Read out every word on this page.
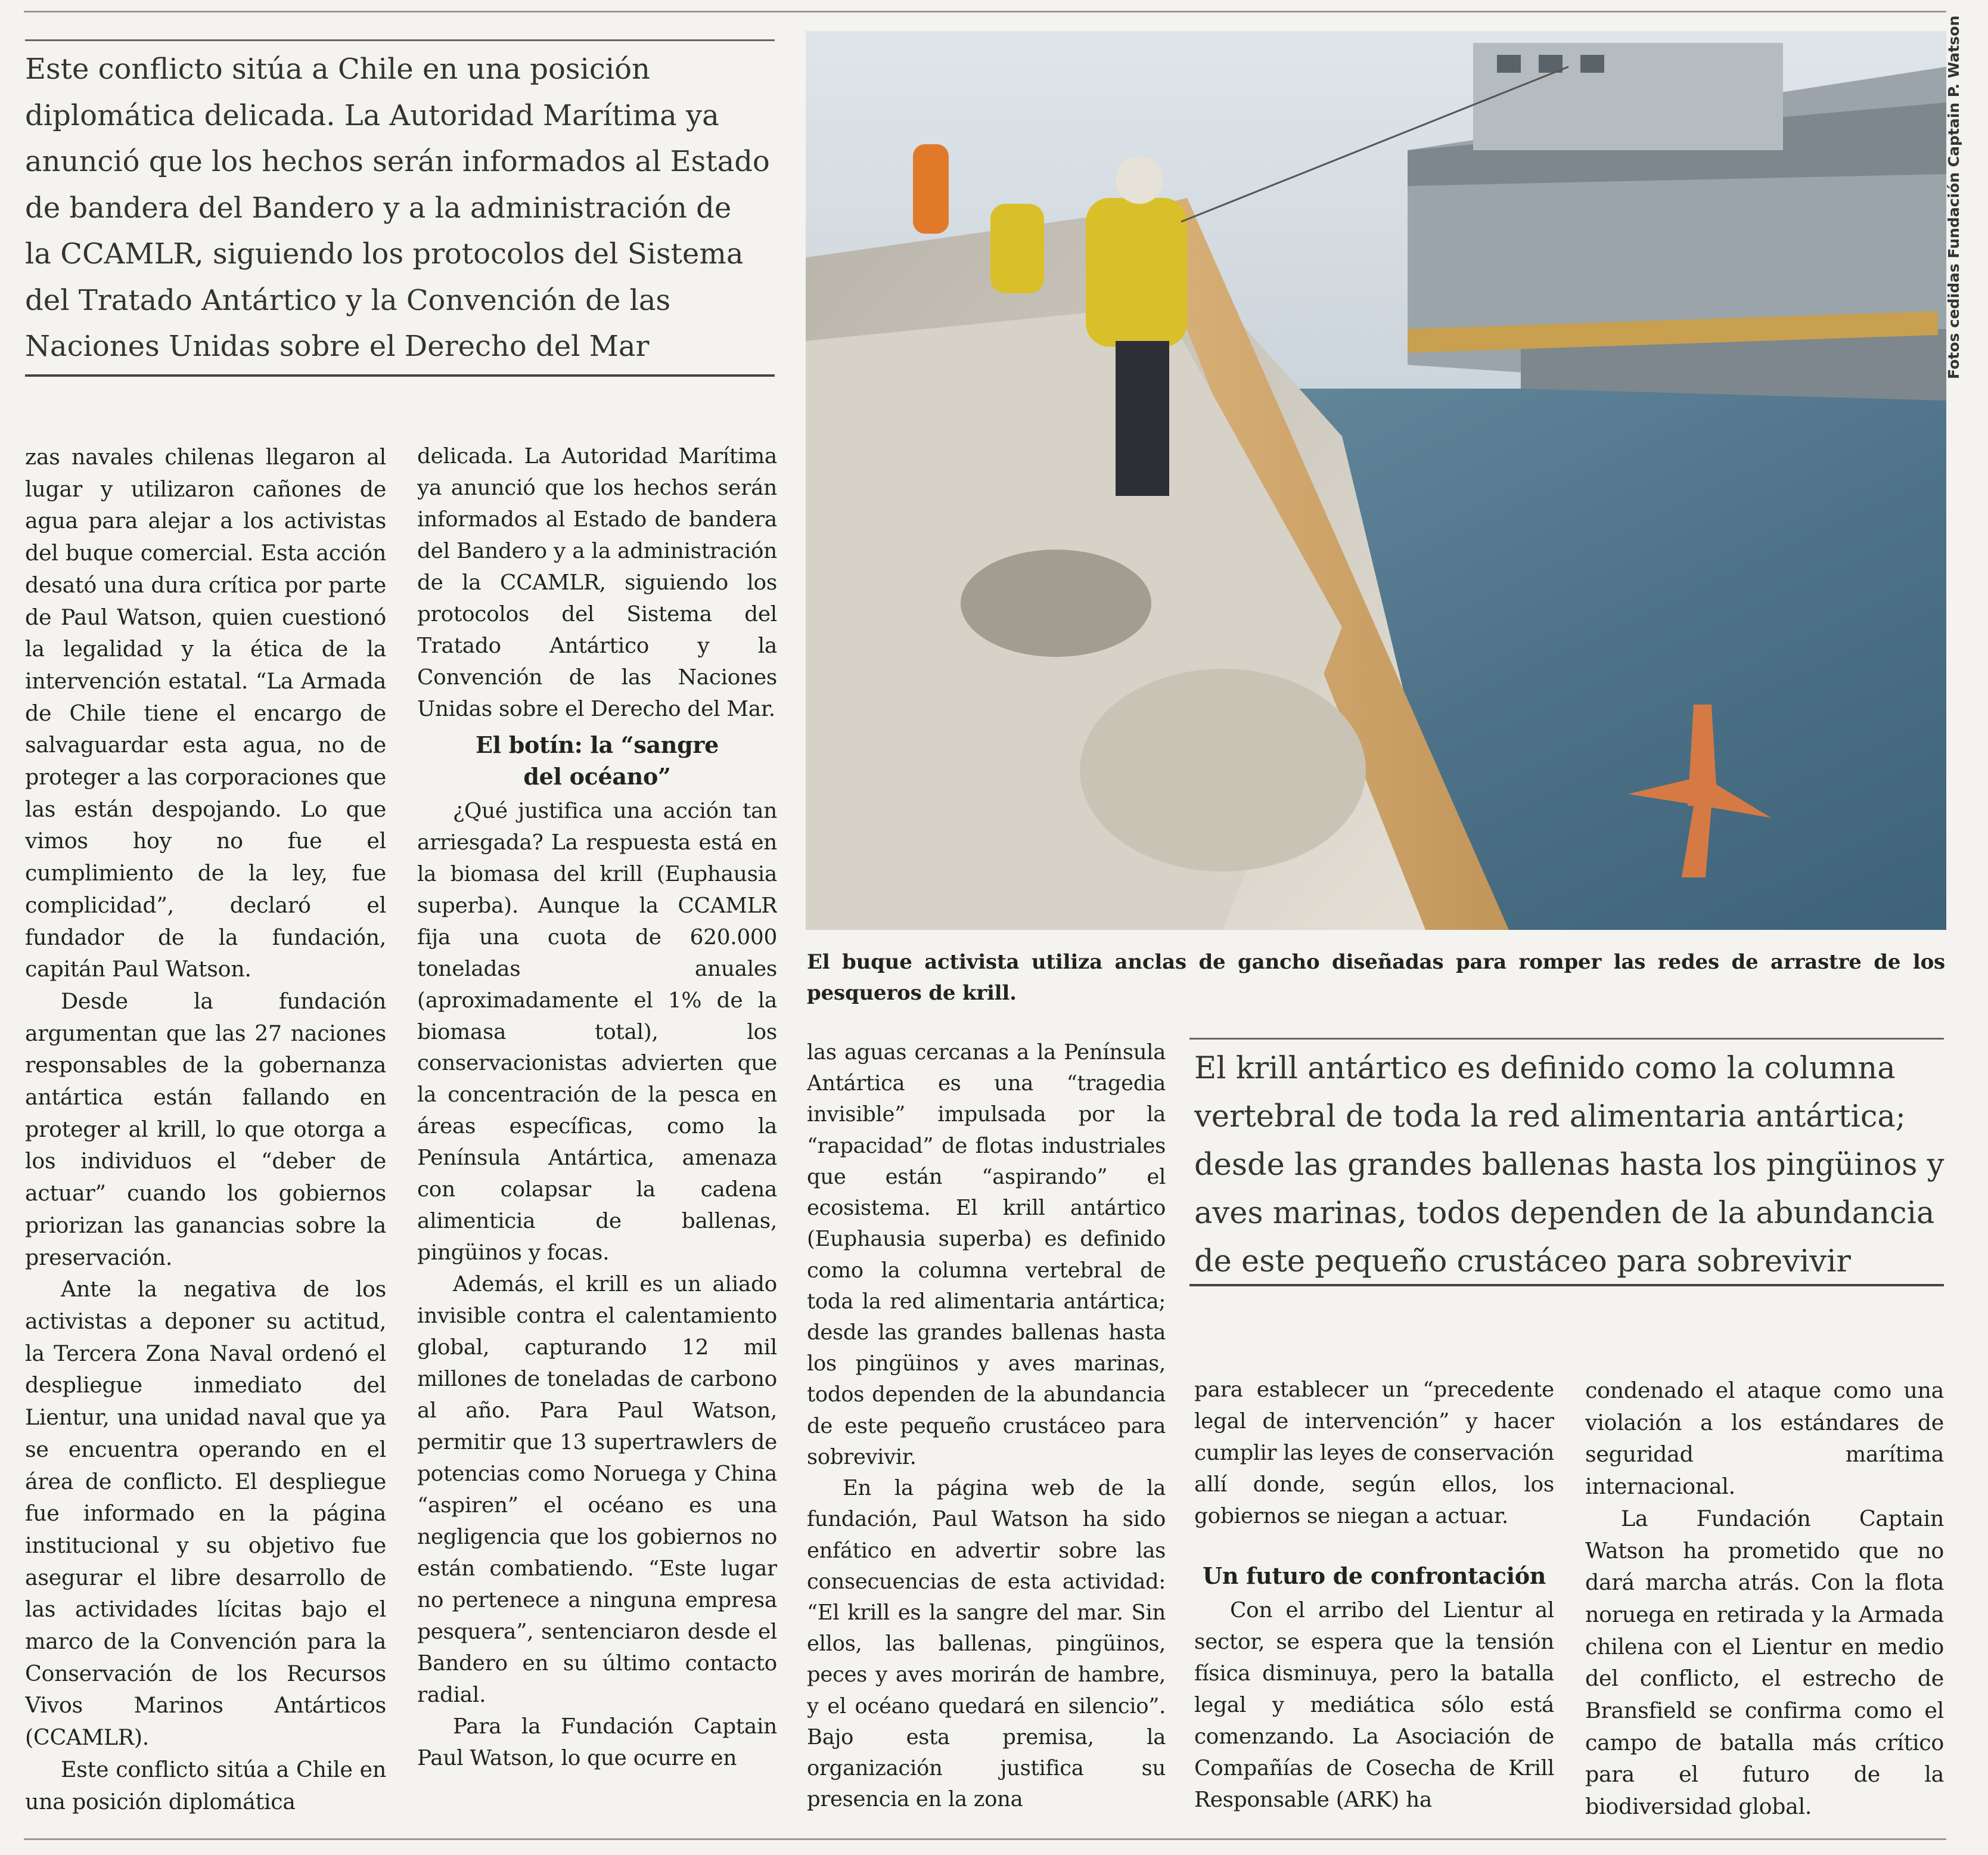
Este conflicto sitúa a Chile en una posición
diplomática delicada. La Autoridad Marítima ya
anunció que los hechos serán informados al Estado
de bandera del Bandero y a la administración de
la CCAMLR, siguiendo los protocolos del Sistema
del Tratado Antártico y la Convención de las
Naciones Unidas sobre el Derecho del Mar	Fotos cedidas Fundación Captain P. Watson

El buque activista utiliza anclas de gancho diseñadas para romper las redes de arrastre de los pesqueros de krill.

El krill antártico es definido como la columna
vertebral de toda la red alimentaria antártica;
desde las grandes ballenas hasta los pingüinos y
aves marinas, todos dependen de la abundancia
de este pequeño crustáceo para sobrevivir

zas navales chilenas llegaron al lugar y utilizaron cañones de agua para alejar a los activistas del buque comercial. Esta acción desató una dura crítica por parte de Paul Watson, quien cuestionó la legalidad y la ética de la intervención estatal. “La Armada de Chile tiene el encargo de salvaguardar esta agua, no de proteger a las corporaciones que las están despojando. Lo que vimos hoy no fue el cumplimiento de la ley, fue complicidad”, declaró el fundador de la fundación, capitán Paul Watson.

Desde la fundación argumentan que las 27 naciones responsables de la gobernanza antártica están fallando en proteger al krill, lo que otorga a los individuos el “deber de actuar” cuando los gobiernos priorizan las ganancias sobre la preservación.

Ante la negativa de los activistas a deponer su actitud, la Tercera Zona Naval ordenó el despliegue inmediato del Lientur, una unidad naval que ya se encuentra operando en el área de conflicto. El despliegue fue informado en la página institucional y su objetivo fue asegurar el libre desarrollo de las actividades lícitas bajo el marco de la Convención para la Conservación de los Recursos Vivos Marinos Antárticos (CCAMLR).

Este conflicto sitúa a Chile en una posición diplomática

delicada. La Autoridad Marítima ya anunció que los hechos serán informados al Estado de bandera del Bandero y a la administración de la CCAMLR, siguiendo los protocolos del Sistema del Tratado Antártico y la Convención de las Naciones Unidas sobre el Derecho del Mar.

El botín: la “sangre del océano”

¿Qué justifica una acción tan arriesgada? La respuesta está en la biomasa del krill (Euphausia superba). Aunque la CCAMLR fija una cuota de 620.000 toneladas anuales (aproximadamente el 1% de la biomasa total), los conservacionistas advierten que la concentración de la pesca en áreas específicas, como la Península Antártica, amenaza con colapsar la cadena alimenticia de ballenas, pingüinos y focas.

Además, el krill es un aliado invisible contra el calentamiento global, capturando 12 mil millones de toneladas de carbono al año. Para Paul Watson, permitir que 13 supertrawlers de potencias como Noruega y China “aspiren” el océano es una negligencia que los gobiernos no están combatiendo. “Este lugar no pertenece a ninguna empresa pesquera”, sentenciaron desde el Bandero en su último contacto radial.

Para la Fundación Captain Paul Watson, lo que ocurre en

las aguas cercanas a la Península Antártica es una “tragedia invisible” impulsada por la “rapacidad” de flotas industriales que están “aspirando” el ecosistema. El krill antártico (Euphausia superba) es definido como la columna vertebral de toda la red alimentaria antártica; desde las grandes ballenas hasta los pingüinos y aves marinas, todos dependen de la abundancia de este pequeño crustáceo para sobrevivir.

En la página web de la fundación, Paul Watson ha sido enfático en advertir sobre las consecuencias de esta actividad: “El krill es la sangre del mar. Sin ellos, las ballenas, pingüinos, peces y aves morirán de hambre, y el océano quedará en silencio”. Bajo esta premisa, la organización justifica su presencia en la zona

para establecer un “precedente legal de intervención” y hacer cumplir las leyes de conservación allí donde, según ellos, los gobiernos se niegan a actuar.

Un futuro de confrontación

Con el arribo del Lientur al sector, se espera que la tensión física disminuya, pero la batalla legal y mediática sólo está comenzando. La Asociación de Compañías de Cosecha de Krill Responsable (ARK) ha

condenado el ataque como una violación a los estándares de seguridad marítima internacional.

La Fundación Captain Watson ha prometido que no dará marcha atrás. Con la flota noruega en retirada y la Armada chilena con el Lientur en medio del conflicto, el estrecho de Bransfield se confirma como el campo de batalla más crítico para el futuro de la biodiversidad global.
